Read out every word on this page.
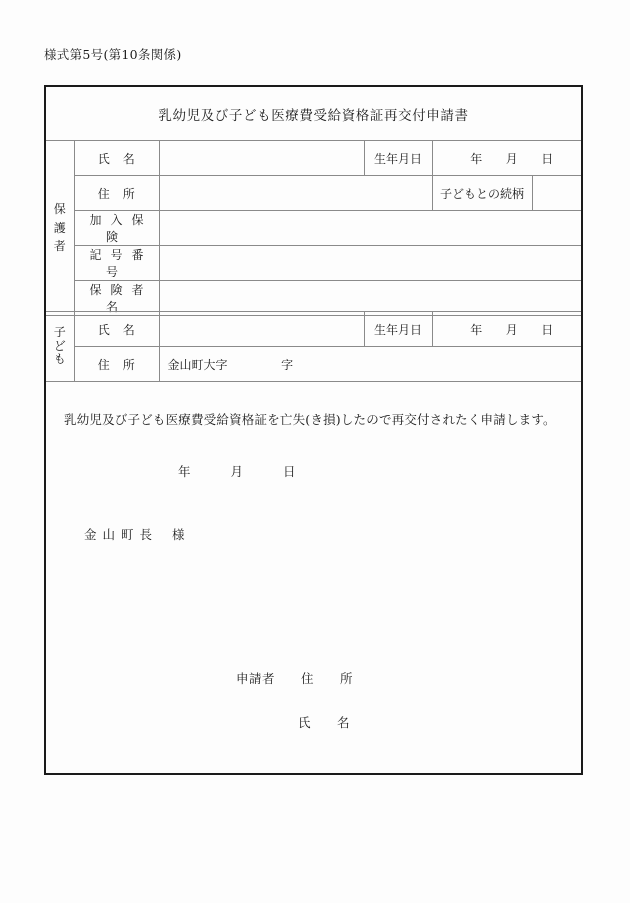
様式第5号(第10条関係)
乳幼児及び子ども医療費受給資格証再交付申請書
保
護
者	氏　名		生年月日	年 月 日	

	住　所			子どもとの続柄	
	加入保険				
	記号番号				
	保険者名				
子
ど
も	氏　名		生年月日	年 月 日

	住　所	金山町大字 字		
乳幼児及び子ども医療費受給資格証を亡失(き損)したので再交付されたく申請します。
年	月	日
金山町長 様
申請者 住　所
氏　名
